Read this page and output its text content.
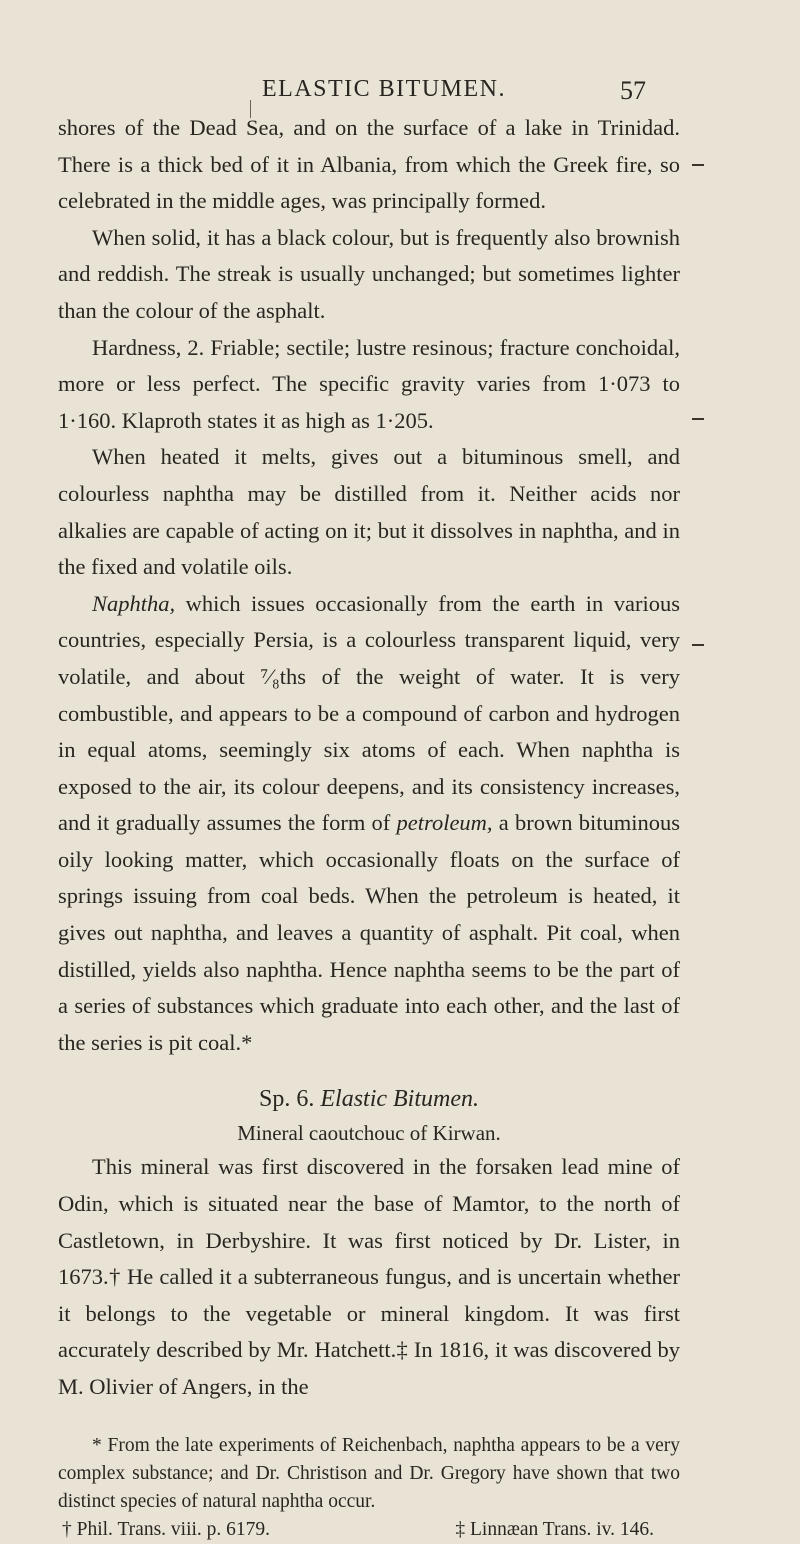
ELASTIC BITUMEN.	57

shores of the Dead Sea, and on the surface of a lake in Trinidad. There is a thick bed of it in Albania, from which the Greek fire, so celebrated in the middle ages, was principally formed.

When solid, it has a black colour, but is frequently also brownish and reddish. The streak is usually unchanged; but sometimes lighter than the colour of the asphalt.

Hardness, 2. Friable; sectile; lustre resinous; fracture conchoidal, more or less perfect. The specific gravity varies from 1·073 to 1·160. Klaproth states it as high as 1·205.

When heated it melts, gives out a bituminous smell, and colourless naphtha may be distilled from it. Neither acids nor alkalies are capable of acting on it; but it dissolves in naphtha, and in the fixed and volatile oils.

Naphtha, which issues occasionally from the earth in various countries, especially Persia, is a colourless transparent liquid, very volatile, and about ⁷⁄₈ths of the weight of water. It is very combustible, and appears to be a compound of carbon and hydrogen in equal atoms, seemingly six atoms of each. When naphtha is exposed to the air, its colour deepens, and its consistency increases, and it gradually assumes the form of petroleum, a brown bituminous oily looking matter, which occasionally floats on the surface of springs issuing from coal beds. When the petroleum is heated, it gives out naphtha, and leaves a quantity of asphalt. Pit coal, when distilled, yields also naphtha. Hence naphtha seems to be the part of a series of substances which graduate into each other, and the last of the series is pit coal.*

Sp. 6. Elastic Bitumen.

Mineral caoutchouc of Kirwan.

This mineral was first discovered in the forsaken lead mine of Odin, which is situated near the base of Mamtor, to the north of Castletown, in Derbyshire. It was first noticed by Dr. Lister, in 1673.† He called it a subterraneous fungus, and is uncertain whether it belongs to the vegetable or mineral kingdom. It was first accurately described by Mr. Hatchett.‡ In 1816, it was discovered by M. Olivier of Angers, in the

* From the late experiments of Reichenbach, naphtha appears to be a very complex substance; and Dr. Christison and Dr. Gregory have shown that two distinct species of natural naphtha occur.

† Phil. Trans. viii. p. 6179.	‡ Linnæan Trans. iv. 146.
